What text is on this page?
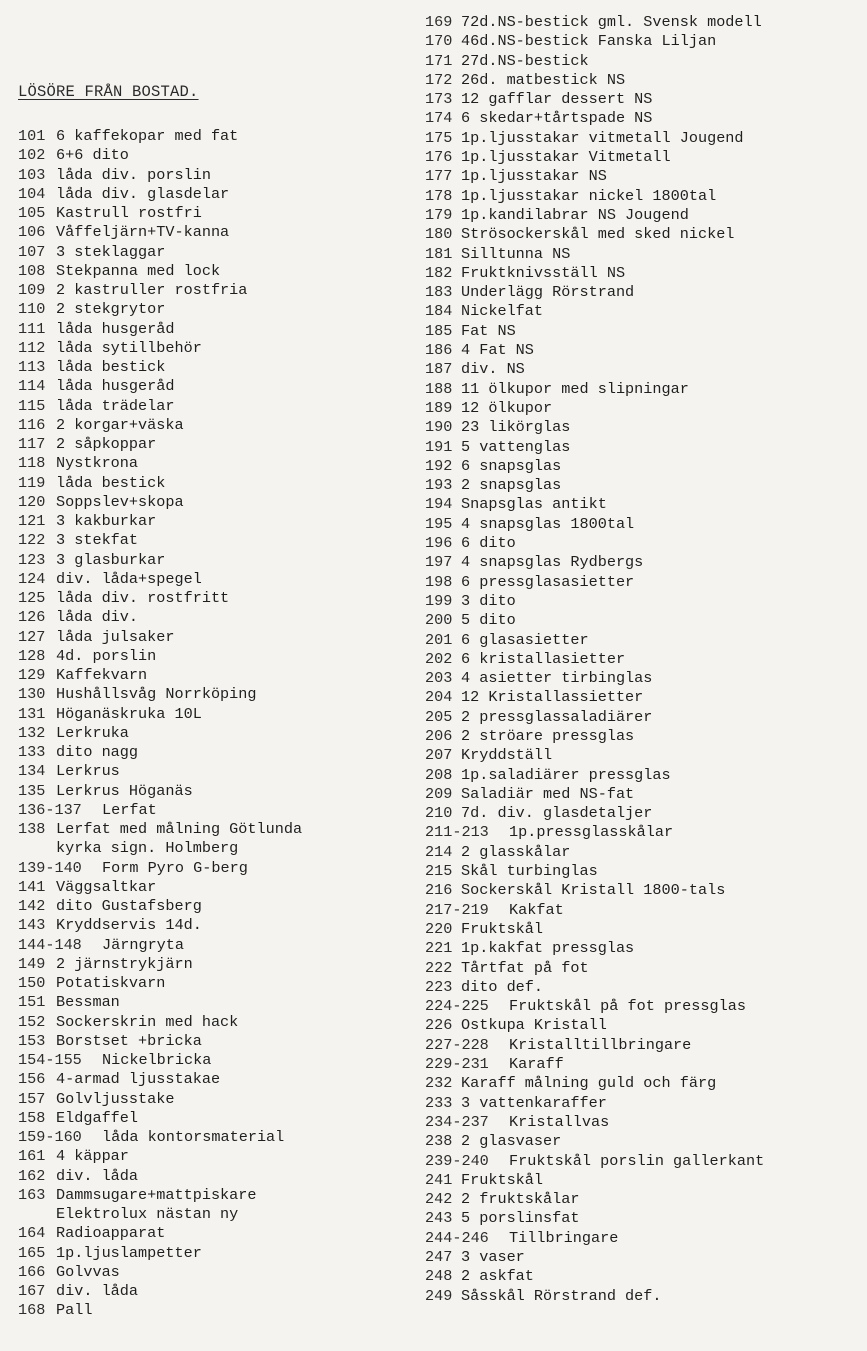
LÖSÖRE FRÅN BOSTAD.
101 6 kaffekopar med fat
102 6+6 dito
103 låda div. porslin
104 låda div. glasdelar
105 Kastrull rostfri
106 Våffeljärn+TV-kanna
107 3 steklaggar
108 Stekpanna med lock
109 2 kastruller rostfria
110 2 stekgrytor
111 låda husgeråd
112 låda sytillbehör
113 låda bestick
114 låda husgeråd
115 låda trädelar
116 2 korgar+väska
117 2 såpkoppar
118 Nystkrona
119 låda bestick
120 Soppslev+skopa
121 3 kakburkar
122 3 stekfat
123 3 glasburkar
124 div. låda+spegel
125 låda div. rostfritt
126 låda div.
127 låda julsaker
128 4d. porslin
129 Kaffekvarn
130 Hushållsvåg Norrköping
131 Höganäskruka 10L
132 Lerkruka
133 dito nagg
134 Lerkrus
135 Lerkrus Höganäs
136-137 Lerfat
138 Lerfat med målning Götlunda
kyrka sign. Holmberg
139-140 Form Pyro G-berg
141 Väggsaltkar
142 dito Gustafsberg
143 Kryddservis 14d.
144-148 Järngryta
149 2 järnstrykjärn
150 Potatiskvarn
151 Bessman
152 Sockerskrin med hack
153 Borstset +bricka
154-155 Nickelbricka
156 4-armad ljusstakae
157 Golvljusstake
158 Eldgaffel
159-160 låda kontorsmaterial
161 4 käppar
162 div. låda
163 Dammsugare+mattpiskare
Elektrolux nästan ny
164 Radioapparat
165 1p.ljuslampetter
166 Golvvas
167 div. låda
168 Pall
169 72d.NS-bestick gml. Svensk modell
170 46d.NS-bestick Fanska Liljan
171 27d.NS-bestick
172 26d. matbestick NS
173 12 gafflar dessert NS
174 6 skedar+tårtspade NS
175 1p.ljusstakar vitmetall Jougend
176 1p.ljusstakar Vitmetall
177 1p.ljusstakar NS
178 1p.ljusstakar nickel 1800tal
179 1p.kandilabrar NS Jougend
180 Strösockerskål med sked nickel
181 Silltunna NS
182 Fruktknivsställ NS
183 Underlägg Rörstrand
184 Nickelfat
185 Fat NS
186 4 Fat NS
187 div. NS
188 11 ölkupor med slipningar
189 12 ölkupor
190 23 likörglas
191 5 vattenglas
192 6 snapsglas
193 2 snapsglas
194 Snapsglas antikt
195 4 snapsglas 1800tal
196 6 dito
197 4 snapsglas Rydbergs
198 6 pressglasasietter
199 3 dito
200 5 dito
201 6 glasasietter
202 6 kristallasietter
203 4 asietter tirbinglas
204 12 Kristallassietter
205 2 pressglassaladiärer
206 2 ströare pressglas
207 Kryddställ
208 1p.saladiärer pressglas
209 Saladiär med NS-fat
210 7d. div. glasdetaljer
211-213 1p.pressglasskålar
214 2 glasskålar
215 Skål turbinglas
216 Sockerskål Kristall 1800-tals
217-219 Kakfat
220 Fruktskål
221 1p.kakfat pressglas
222 Tårtfat på fot
223 dito def.
224-225 Fruktskål på fot pressglas
226 Ostkupa Kristall
227-228 Kristalltillbringare
229-231 Karaff
232 Karaff målning guld och färg
233 3 vattenkaraffer
234-237 Kristallvas
238 2 glasvaser
239-240 Fruktskål porslin gallerkant
241 Fruktskål
242 2 fruktskålar
243 5 porslinsfat
244-246 Tillbringare
247 3 vaser
248 2 askfat
249 Såsskål Rörstrand def.
